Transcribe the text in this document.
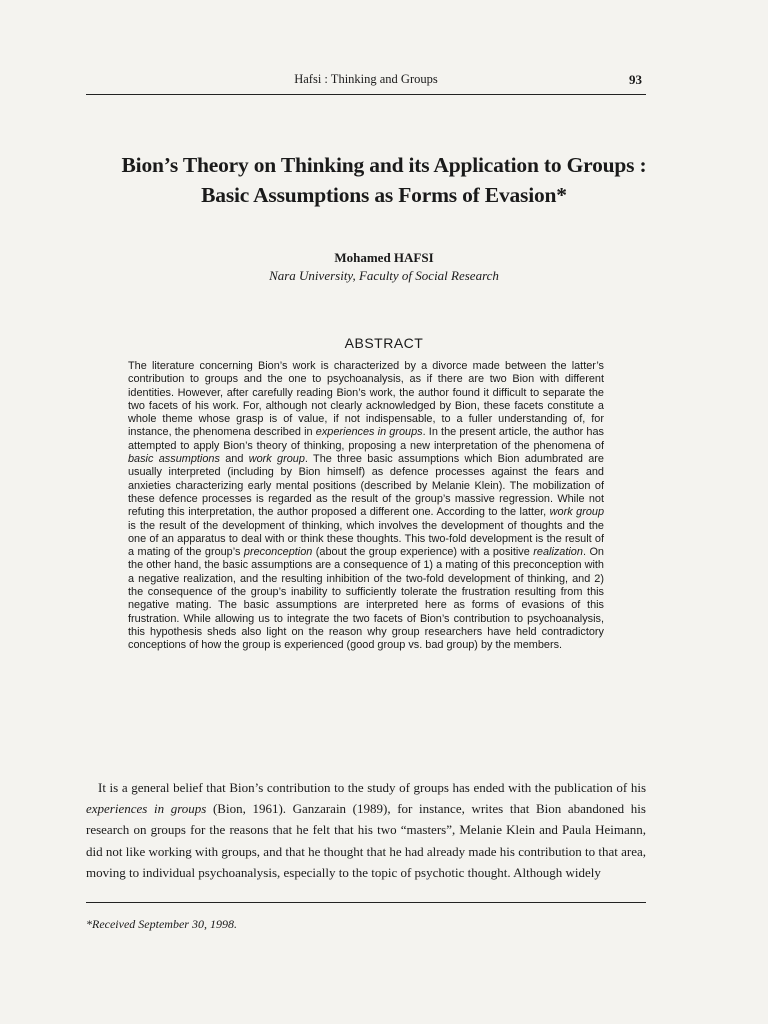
Hafsi : Thinking and Groups	93
Bion’s Theory on Thinking and its Application to Groups :
Basic Assumptions as Forms of Evasion*
Mohamed HAFSI
Nara University, Faculty of Social Research
ABSTRACT
The literature concerning Bion’s work is characterized by a divorce made between the latter’s contribution to groups and the one to psychoanalysis, as if there are two Bion with different identities. However, after carefully reading Bion’s work, the author found it difficult to separate the two facets of his work. For, although not clearly acknowledged by Bion, these facets constitute a whole theme whose grasp is of value, if not indispensable, to a fuller understanding of, for instance, the phenomena described in experiences in groups. In the present article, the author has attempted to apply Bion’s theory of thinking, proposing a new interpretation of the phenomena of basic assumptions and work group. The three basic assumptions which Bion adumbrated are usually interpreted (including by Bion himself) as defence processes against the fears and anxieties characterizing early mental positions (described by Melanie Klein). The mobilization of these defence processes is regarded as the result of the group’s massive regression. While not refuting this interpretation, the author proposed a different one. According to the latter, work group is the result of the development of thinking, which involves the development of thoughts and the one of an apparatus to deal with or think these thoughts. This two-fold development is the result of a mating of the group’s preconception (about the group experience) with a positive realization. On the other hand, the basic assumptions are a consequence of 1) a mating of this preconception with a negative realization, and the resulting inhibition of the two-fold development of thinking, and 2) the consequence of the group’s inability to sufficiently tolerate the frustration resulting from this negative mating. The basic assumptions are interpreted here as forms of evasions of this frustration. While allowing us to integrate the two facets of Bion’s contribution to psychoanalysis, this hypothesis sheds also light on the reason why group researchers have held contradictory conceptions of how the group is experienced (good group vs. bad group) by the members.
It is a general belief that Bion’s contribution to the study of groups has ended with the publication of his experiences in groups (Bion, 1961). Ganzarain (1989), for instance, writes that Bion abandoned his research on groups for the reasons that he felt that his two “masters”, Melanie Klein and Paula Heimann, did not like working with groups, and that he thought that he had already made his contribution to that area, moving to individual psychoanalysis, especially to the topic of psychotic thought. Although widely
*Received September 30, 1998.
